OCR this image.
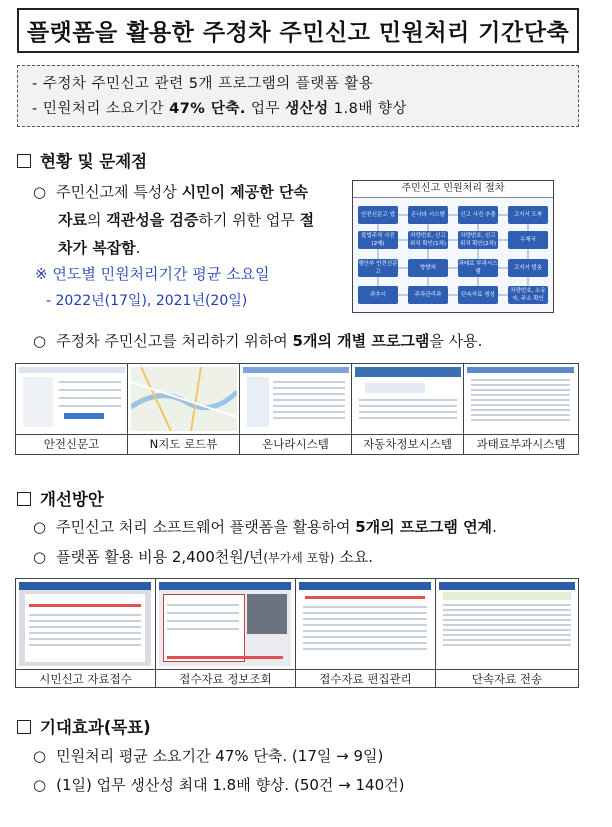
플랫폼을 활용한 주정차 주민신고 민원처리 기간단축
- 주정차 주민신고 관련 5개 프로그램의 플랫폼 활용
- 민원처리 소요기간 47% 단축. 업무 생산성 1.8배 향상
현황 및 문제점
○ 주민신고제 특성상 시민이 제공한 단속
자료의 객관성을 검증하기 위한 업무 절
차가 복잡함.
※ 연도별 민원처리기간 평균 소요일
- 2022년(17일), 2021년(20일)
주민신고 민원처리 절차
안전신문고 앱	온나라 시스템	신고 사진 추출	고지서 도착
불법주차 사진 (2매)
차량번호, 신고 위치 확인(1차)
차량번호, 신고 위치 확인(2차)
우체국
행안부 안전신문고
방향처
과태료 부과시스템
고지서 발송
과추시	주차관리과	단속자료 생성
차량번호, 소유자, 주소 확인
○ 주정차 주민신고를 처리하기 위하여 5개의 개별 프로그램을 사용.
안전신문고	N지도 로드뷰	온나라시스템	자동차정보시스템	과태료부과시스템
개선방안
○ 주민신고 처리 소프트웨어 플랫폼을 활용하여 5개의 프로그램 연계.
○ 플랫폼 활용 비용 2,400천원/년(부가세 포함) 소요.
시민신고 자료접수	접수자료 정보조회	접수자료 편집관리	단속자료 전송
기대효과(목표)
○ 민원처리 평균 소요기간 47% 단축. (17일 → 9일)
○ (1일) 업무 생산성 최대 1.8배 향상. (50건 → 140건)
